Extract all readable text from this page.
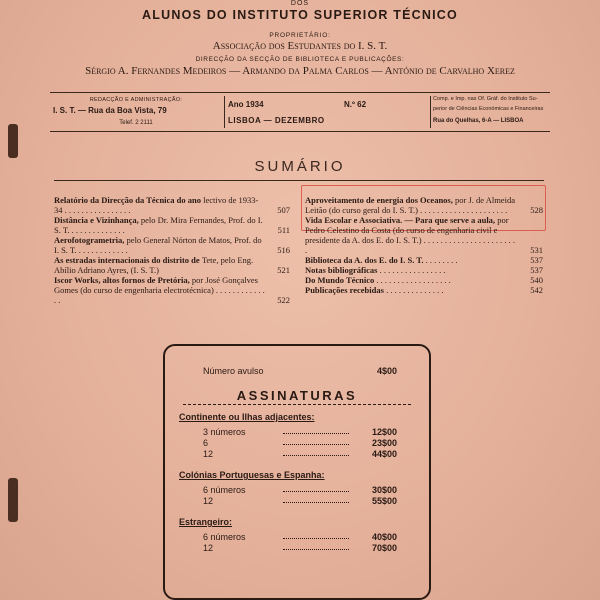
DOS
ALUNOS DO INSTITUTO SUPERIOR TÉCNICO
PROPRIETÁRIO:
Associação dos Estudantes do I. S. T.
DIRECÇÃO DA SECÇÃO DE BIBLIOTECA E PUBLICAÇÕES:
Sérgio A. Fernandes Medeiros — Armando da Palma Carlos — António de Carvalho Xerez
REDACÇÃO E ADMINISTRAÇÃO:
I. S. T. — Rua da Boa Vista, 79
Telef. 2 2111
Ano 1934	N.º 62
LISBOA — DEZEMBRO
Comp. e Imp. nas Of. Gráf. do Instituto Su-
perior de Ciências Económicas e Financeiras
Rua do Quelhas, 6-A — LISBOA
SUMÁRIO
Relatório da Direcção da Técnica do ano lectivo de 1933-34 . . . . . . . . . . . . . . . .	507
Distância e Vizinhança, pelo Dr. Mira Fernandes, Prof. do I. S. T. . . . . . . . . . . . . .	511
Aerofotogrametria, pelo General Nórton de Matos, Prof. do I. S. T. . . . . . . . . . . . .	516
As estradas internacionais do distrito de Tete, pelo Eng. Abílio Adriano Ayres, (I. S. T.)	521
Iscor Works, altos fornos de Pretória, por José Gonçalves Gomes (do curso de engenharia electrotécnica) . . . . . . . . . . . . . .	522
Aproveitamento de energia dos Oceanos, por J. de Almeida Leitão (do curso geral do I. S. T.) . . . . . . . . . . . . . . . . . . . . .	528
Vida Escolar e Associativa. — Para que serve a aula, por Pedro Celestino da Costa (do curso de engenharia civil e presidente da A. dos E. do I. S. T.) . . . . . . . . . . . . . . . . . . . . . . .	531
Biblioteca da A. dos E. do I. S. T. . . . . . . . .	537
Notas bibliográficas . . . . . . . . . . . . . . . .	537
Do Mundo Técnico . . . . . . . . . . . . . . . . . .	540
Publicações recebidas . . . . . . . . . . . . . .	542
Número avulso	4$00
ASSINATURAS
Continente ou Ilhas adjacentes:
3 números	12$00
6	23$00
12	44$00
Colónias Portuguesas e Espanha:
6 números	30$00
12	55$00
Estrangeiro:
6 números	40$00
12	70$00
